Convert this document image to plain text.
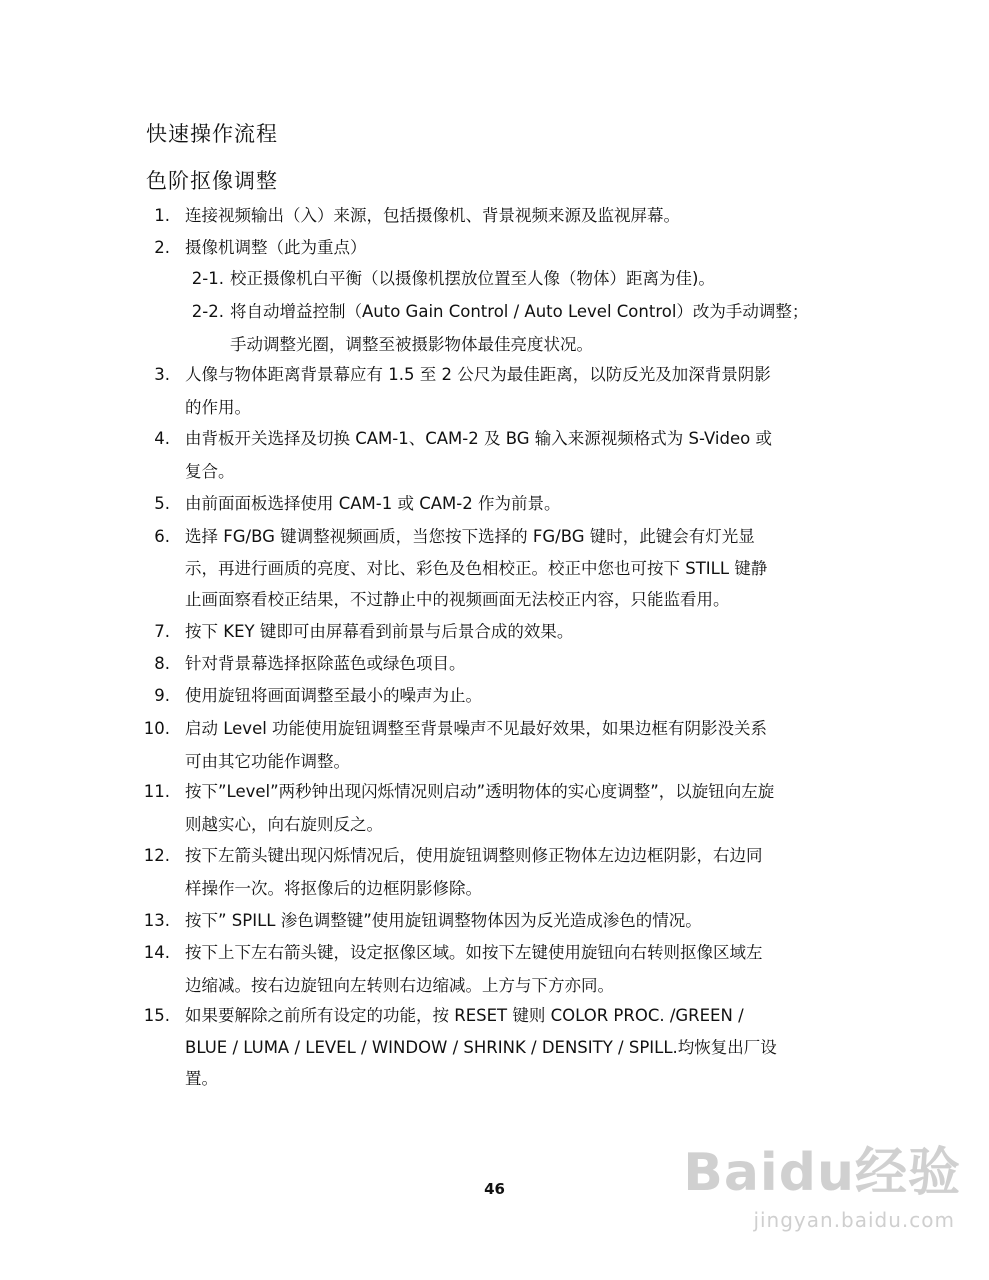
快速操作流程
色阶抠像调整
1. 连接视频输出（入）来源，包括摄像机、背景视频来源及监视屏幕。
2. 摄像机调整（此为重点）
2-1. 校正摄像机白平衡（以摄像机摆放位置至人像（物体）距离为佳)。
2-2. 将自动增益控制（Auto Gain Control / Auto Level Control）改为手动调整；
手动调整光圈，调整至被摄影物体最佳亮度状况。
3. 人像与物体距离背景幕应有 1.5 至 2 公尺为最佳距离，以防反光及加深背景阴影
的作用。
4. 由背板开关选择及切换 CAM-1、CAM-2 及 BG 输入来源视频格式为 S-Video 或
复合。
5. 由前面面板选择使用 CAM-1 或 CAM-2 作为前景。
6. 选择 FG/BG 键调整视频画质，当您按下选择的 FG/BG 键时，此键会有灯光显
示，再进行画质的亮度、对比、彩色及色相校正。校正中您也可按下 STILL 键静
止画面察看校正结果，不过静止中的视频画面无法校正内容，只能监看用。
7. 按下 KEY 键即可由屏幕看到前景与后景合成的效果。
8. 针对背景幕选择抠除蓝色或绿色项目。
9. 使用旋钮将画面调整至最小的噪声为止。
10. 启动 Level 功能使用旋钮调整至背景噪声不见最好效果，如果边框有阴影没关系
可由其它功能作调整。
11. 按下”Level”两秒钟出现闪烁情况则启动”透明物体的实心度调整”，以旋钮向左旋
则越实心，向右旋则反之。
12. 按下左箭头键出现闪烁情况后，使用旋钮调整则修正物体左边边框阴影，右边同
样操作一次。将抠像后的边框阴影修除。
13. 按下” SPILL 渗色调整键”使用旋钮调整物体因为反光造成渗色的情况。
14. 按下上下左右箭头键，设定抠像区域。如按下左键使用旋钮向右转则抠像区域左
边缩减。按右边旋钮向左转则右边缩减。上方与下方亦同。
15. 如果要解除之前所有设定的功能，按 RESET 键则 COLOR PROC. /GREEN /
BLUE / LUMA / LEVEL / WINDOW / SHRINK / DENSITY / SPILL.均恢复出厂设
置。
46	Baidu经验
jingyan.baidu.com
